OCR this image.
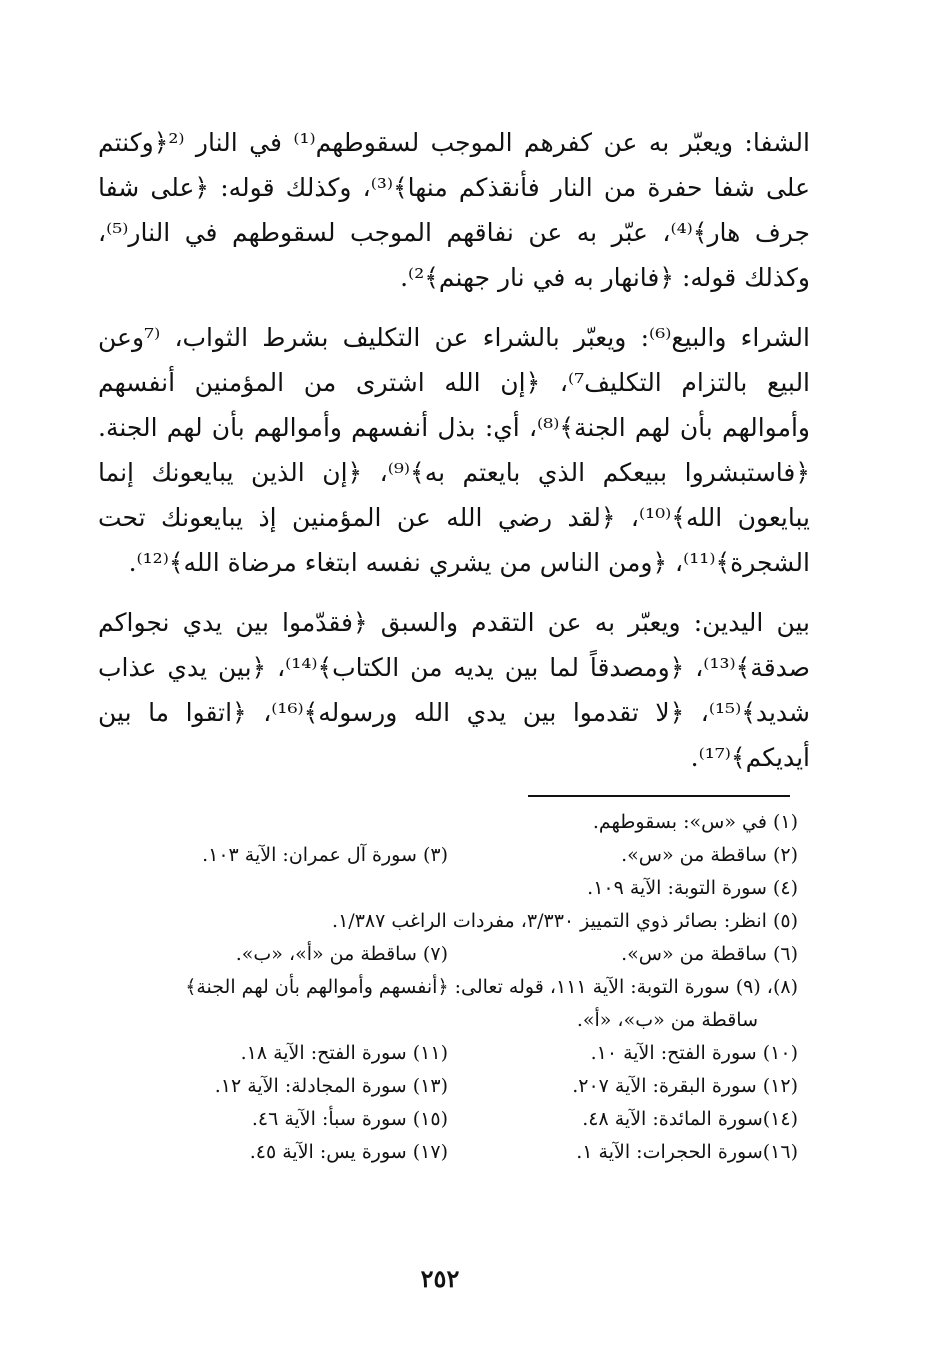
الشفا: ويعبّر به عن كفرهم الموجب لسقوطهم⁽¹⁾ في النار ⁽²﴿وكنتم على شفا حفرة من النار فأنقذكم منها﴾⁽³⁾، وكذلك قوله: ﴿على شفا جرف هار﴾⁽⁴⁾، عبّر به عن نفاقهم الموجب لسقوطهم في النار⁽⁵⁾، وكذلك قوله: ﴿فانهار به في نار جهنم﴾²⁾.

الشراء والبيع⁽⁶⁾: ويعبّر بالشراء عن التكليف بشرط الثواب، ⁽⁷وعن البيع بالتزام التكليف⁷⁾، ﴿إن الله اشترى من المؤمنين أنفسهم وأموالهم بأن لهم الجنة﴾⁽⁸⁾، أي: بذل أنفسهم وأموالهم بأن لهم الجنة. ﴿فاستبشروا ببيعكم الذي بايعتم به﴾⁽⁹⁾، ﴿إن الذين يبايعونك إنما يبايعون الله﴾⁽¹⁰⁾، ﴿لقد رضي الله عن المؤمنين إذ يبايعونك تحت الشجرة﴾⁽¹¹⁾، ﴿ومن الناس من يشري نفسه ابتغاء مرضاة الله﴾⁽¹²⁾.

بين اليدين: ويعبّر به عن التقدم والسبق ﴿فقدّموا بين يدي نجواكم صدقة﴾⁽¹³⁾، ﴿ومصدقاً لما بين يديه من الكتاب﴾⁽¹⁴⁾، ﴿بين يدي عذاب شديد﴾⁽¹⁵⁾، ﴿لا تقدموا بين يدي الله ورسوله﴾⁽¹⁶⁾، ﴿اتقوا ما بين أيديكم﴾⁽¹⁷⁾.

(١) في «س»: بسقوطهم.
(٢) ساقطة من «س».
(٣) سورة آل عمران: الآية ١٠٣.
(٤) سورة التوبة: الآية ١٠٩.
(٥) انظر: بصائر ذوي التمييز ٣/٣٣٠، مفردات الراغب ١/٣٨٧.
(٦) ساقطة من «س».
(٧) ساقطة من «أ»، «ب».
(٨)، (٩) سورة التوبة: الآية ١١١، قوله تعالى: ﴿أنفسهم وأموالهم بأن لهم الجنة﴾
ساقطة من «ب»، «أ».
(١٠) سورة الفتح: الآية ١٠.
(١١) سورة الفتح: الآية ١٨.
(١٢) سورة البقرة: الآية ٢٠٧.
(١٣) سورة المجادلة: الآية ١٢.
(١٤)سورة المائدة: الآية ٤٨.
(١٥) سورة سبأ: الآية ٤٦.
(١٦)سورة الحجرات: الآية ١.
(١٧) سورة يس: الآية ٤٥.
٢٥٢
